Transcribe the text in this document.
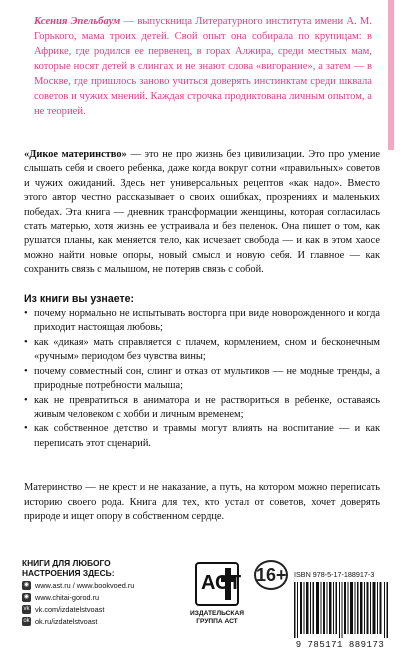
Ксения Эпельбаум — выпускница Литературного института имени А. М. Горького, мама троих детей. Свой опыт она собирала по крупицам: в Африке, где родился ее первенец, в горах Алжира, среди местных мам, которые носят детей в слингах и не знают слова «вигорание», а затем — в Москве, где пришлось заново учиться доверять инстинктам среди шквала советов и чужих мнений. Каждая строчка продиктована личным опытом, а не теорией.

«Дикое материнство» — это не про жизнь без цивилизации. Это про умение слышать себя и своего ребенка, даже когда вокруг сотни «правильных» советов и чужих ожиданий. Здесь нет универсальных рецептов «как надо». Вместо этого автор честно рассказывает о своих ошибках, прозрениях и маленьких победах. Эта книга — дневник трансформации женщины, которая согласилась стать матерью, хотя жизнь ее устраивала и без пеленок. Она пишет о том, как рушатся планы, как меняется тело, как исчезает свобода — и как в этом хаосе можно найти новые опоры, новый смысл и новую себя. И главное — как сохранить связь с малышом, не потеряв связь с собой.

Из книги вы узнаете:
• почему нормально не испытывать восторга при виде новорожденного и когда приходит настоящая любовь;
• как «дикая» мать справляется с плачем, кормлением, сном и бесконечным «ручным» периодом без чувства вины;
• почему совместный сон, слинг и отказ от мультиков — не модные тренды, а природные потребности малыша;
• как не превратиться в аниматора и не раствориться в ребенке, оставаясь живым человеком с хобби и личным временем;
• как собственное детство и травмы могут влиять на воспитание — и как переписать этот сценарий.

Материнство — не крест и не наказание, а путь, на котором можно переписать историю своего рода. Книга для тех, кто устал от советов, хочет доверять природе и ищет опору в собственном сердце.

КНИГИ ДЛЯ ЛЮБОГО НАСТРОЕНИЯ ЗДЕСЬ:
◉ www.ast.ru / www.bookvoed.ru
◉ www.chitai-gorod.ru
vk vk.com/izdatelstvoast
ok ok.ru/izdatelstvoast
АСТ
ИЗДАТЕЛЬСКАЯ ГРУППА АСТ
16+ ISBN 978-5-17-188917-3
9 785171 889173
